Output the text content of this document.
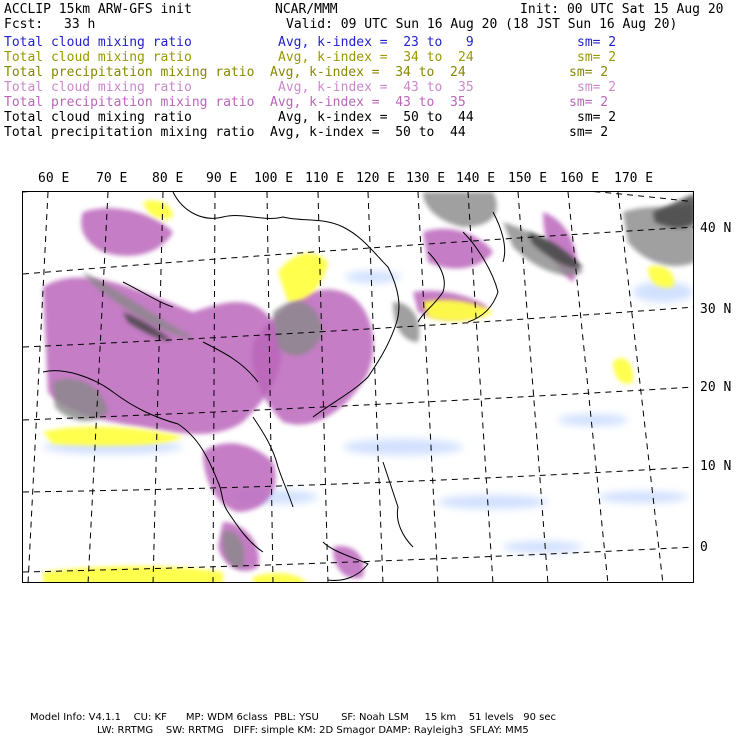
ACCLIP 15km ARW-GFS init	NCAR/MMM	Init: 00 UTC Sat 15 Aug 20
Fcst: 33 h	Valid: 09 UTC Sun 16 Aug 20 (18 JST Sun 16 Aug 20)
Total cloud mixing ratio	Avg, k-index =  23 to   9	sm= 2
Total cloud mixing ratio	Avg, k-index =  34 to  24	sm= 2
Total precipitation mixing ratio Avg, k-index =  34 to  24	sm= 2
Total cloud mixing ratio	Avg, k-index =  43 to  35	sm= 2
Total precipitation mixing ratio Avg, k-index =  43 to  35	sm= 2
Total cloud mixing ratio	Avg, k-index =  50 to  44	sm= 2
Total precipitation mixing ratio Avg, k-index =  50 to  44	sm= 2
60 E 70 E 80 E 90 E 100 E 110 E 120 E 130 E 140 E 150 E 160 E 170 E
40 N
30 N
20 N
10 N
0
Model Info: V4.1.1    CU: KF      MP: WDM 6class  PBL: YSU       SF: Noah LSM     15 km    51 levels   90 sec
LW: RRTMG    SW: RRTMG   DIFF: simple KM: 2D Smagor DAMP: Rayleigh3  SFLAY: MM5
